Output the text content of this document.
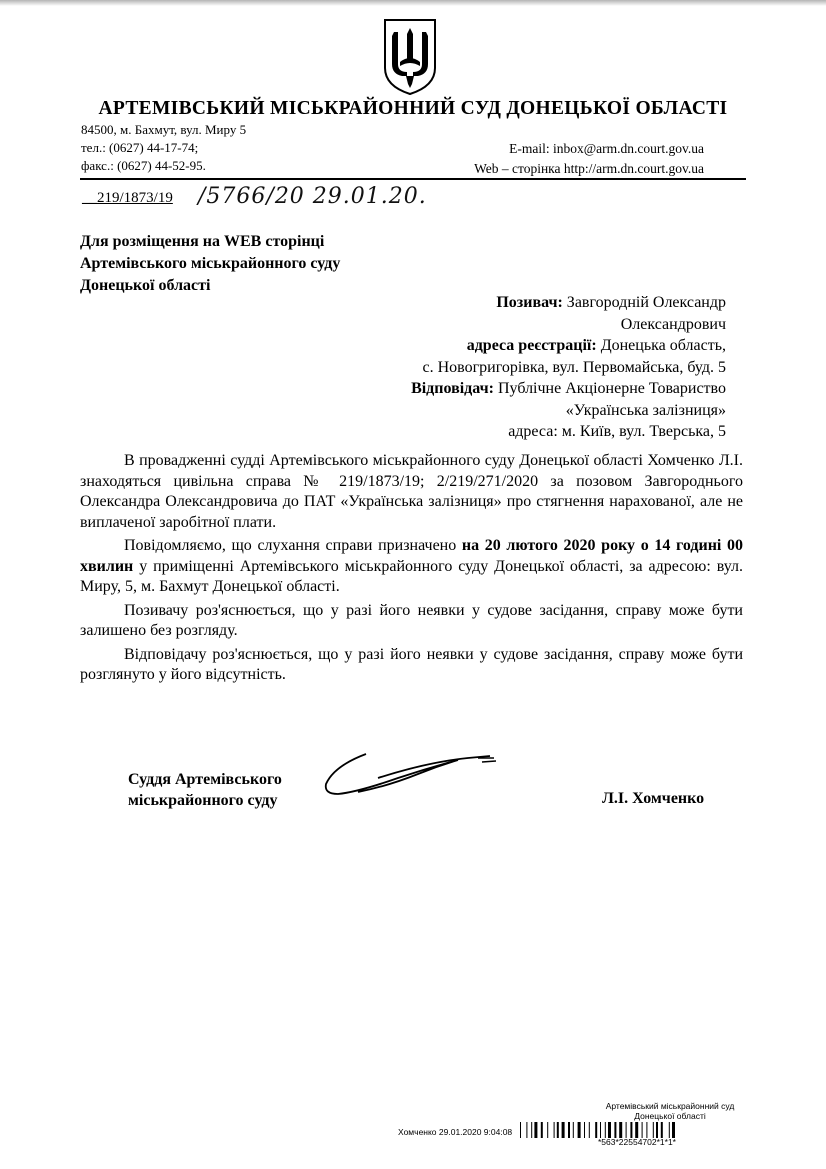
АРТЕМІВСЬКИЙ МІСЬКРАЙОННИЙ СУД ДОНЕЦЬКОЇ ОБЛАСТІ
84500, м. Бахмут, вул. Миру 5
тел.: (0627) 44-17-74;
факс.: (0627) 44-52-95.
E-mail: inbox@arm.dn.court.gov.ua
Web – сторінка http://arm.dn.court.gov.ua
__219/1873/19 /5766/20 29.01.20.
Для розміщення на WEB сторінці
Артемівського міськрайонного суду
Донецької області
Позивач: Завгородній Олександр
Олександрович
адреса реєстрації: Донецька область,
с. Новогригорівка, вул. Первомайська, буд. 5
Відповідач: Публічне Акціонерне Товариство
«Українська залізниця»
адреса: м. Київ, вул. Тверська, 5

В провадженні судді Артемівського міськрайонного суду Донецької області Хомченко Л.І. знаходяться цивільна справа № 219/1873/19; 2/219/271/2020 за позовом Завгороднього Олександра Олександровича до ПАТ «Українська залізниця» про стягнення нарахованої, але не виплаченої заробітної плати.

Повідомляємо, що слухання справи призначено на 20 лютого 2020 року о 14 годині 00 хвилин у приміщенні Артемівського міськрайонного суду Донецької області, за адресою: вул. Миру, 5, м. Бахмут Донецької області.

Позивачу роз'яснюється, що у разі його неявки у судове засідання, справу може бути залишено без розгляду.

Відповідачу роз'яснюється, що у разі його неявки у судове засідання, справу може бути розглянуто у його відсутність.

Суддя Артемівського
міськрайонного суду	Л.І. Хомченко
Артемівський міськрайонний суд
Донецької області
Хомченко 29.01.2020 9:04:08
*563*22554702*1*1*
